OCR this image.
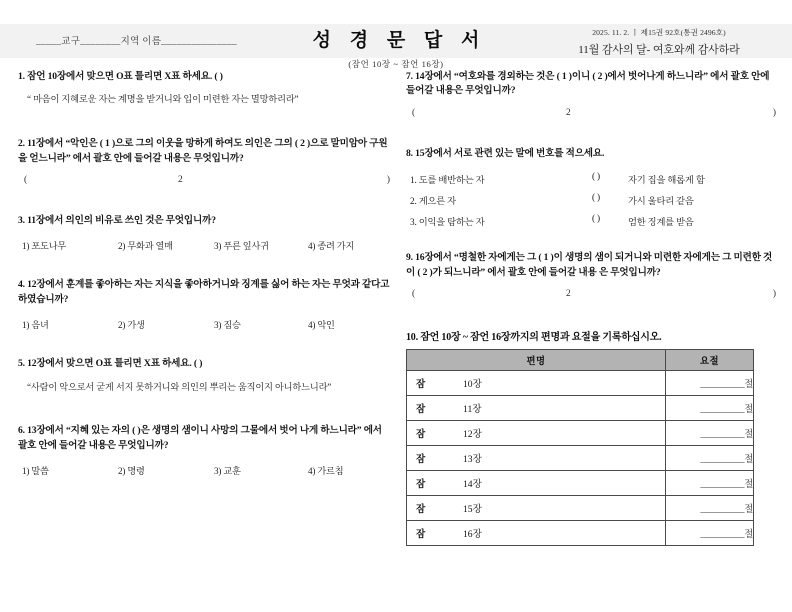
_____교구________지역 이름_______________	성 경 문 답 서	2025. 11. 2. ㅣ 제15권 92호(통권 2496호)
11월 감사의 달- 여호와께 감사하라
(잠언 10장 ~ 잠언 16장)
1. 잠언 10장에서 맞으면 O표 틀리면 X표 하세요. ( )
“ 마음이 지혜로운 자는 계명을 받거니와 입이 미련한 자는 멸망하리라”
2. 11장에서 “악인은 ( 1 )으로 그의 이웃을 망하게 하여도 의인은 그의 ( 2 )으로 말미암아 구원을 얻느니라” 에서 괄호 안에 들어갈 내용은 무엇입니까?
(	2	)
3. 11장에서 의인의 비유로 쓰인 것은 무엇입니까?
1) 포도나무	2) 무화과 열매	3) 푸른 잎사귀	4) 종려 가지
4. 12장에서 훈계를 좋아하는 자는 지식을 좋아하거니와 징계를 싫어 하는 자는 무엇과 같다고 하였습니까?
1) 음녀	2) 가생	3) 짐승	4) 악인
5. 12장에서 맞으면 O표 틀리면 X표 하세요. ( )
“사람이 악으로서 굳게 서지 못하거니와 의인의 뿌리는 움직이지 아니하느니라”
6. 13장에서 “지혜 있는 자의 ( )은 생명의 샘이니 사망의 그물에서 벗어 나게 하느니라” 에서 괄호 안에 들어갈 내용은 무엇입니까?
1) 말씀	2) 명령	3) 교훈	4) 가르침
7. 14장에서 “여호와를 경외하는 것은 ( 1 )이니 ( 2 )에서 벗어나게 하느니라” 에서 괄호 안에 들어갈 내용은 무엇입니까?
(	2	)
8. 15장에서 서로 관련 있는 말에 번호를 적으세요.
1. 도를 배반하는 자	( )	자기 집을 해롭게 함
2. 게으른 자	( )	가시 울타리 같음
3. 이익을 탐하는 자	( )	엄한 징계를 받음
9. 16장에서 “명철한 자에게는 그 ( 1 )이 생명의 샘이 되거니와 미련한 자에게는 그 미련한 것이 ( 2 )가 되느니라” 에서 괄호 안에 들어갈 내용 은 무엇입니까?
(	2	)
10. 잠언 10장 ~ 잠언 16장까지의 편명과 요절을 기록하십시오.
편명	요절

잠 10장	__________절

잠 11장	__________절

잠 12장	__________절

잠 13장	__________절

잠 14장	__________절

잠 15장	__________절

잠 16장	__________절
